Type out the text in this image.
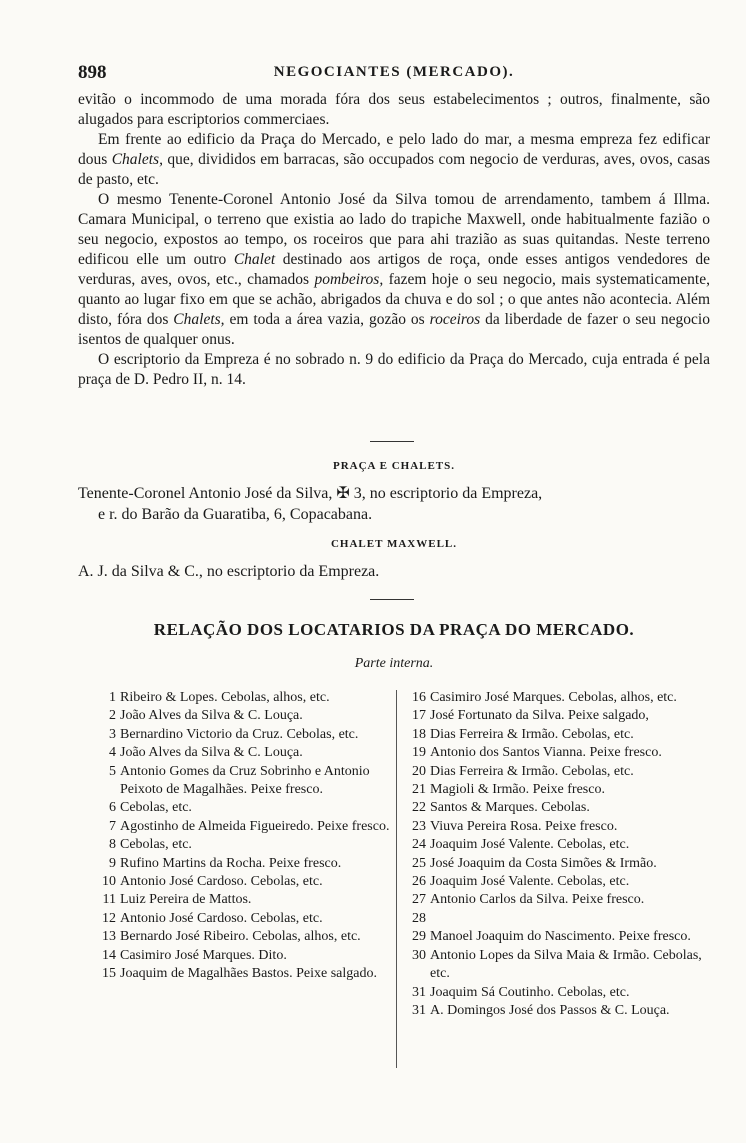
898	NEGOCIANTES (MERCADO).

evitão o incommodo de uma morada fóra dos seus estabelecimentos ; outros, finalmente, são alugados para escriptorios commerciaes.

Em frente ao edificio da Praça do Mercado, e pelo lado do mar, a mesma empreza fez edificar dous Chalets, que, divididos em barracas, são occupados com negocio de verduras, aves, ovos, casas de pasto, etc.

O mesmo Tenente-Coronel Antonio José da Silva tomou de arrendamento, tambem á Illma. Camara Municipal, o terreno que existia ao lado do trapiche Maxwell, onde habitualmente fazião o seu negocio, expostos ao tempo, os roceiros que para ahi trazião as suas quitandas. Neste terreno edificou elle um outro Chalet destinado aos artigos de roça, onde esses antigos vendedores de verduras, aves, ovos, etc., chamados pombeiros, fazem hoje o seu negocio, mais systematicamente, quanto ao lugar fixo em que se achão, abrigados da chuva e do sol ; o que antes não acontecia. Além disto, fóra dos Chalets, em toda a área vazia, gozão os roceiros da liberdade de fazer o seu negocio isentos de qualquer onus.

O escriptorio da Empreza é no sobrado n. 9 do edificio da Praça do Mercado, cuja entrada é pela praça de D. Pedro II, n. 14.

PRAÇA E CHALETS.
Tenente-Coronel Antonio José da Silva, ✠ 3, no escriptorio da Empreza,
e r. do Barão da Guaratiba, 6, Copacabana.
CHALET MAXWELL.
A. J. da Silva & C., no escriptorio da Empreza.
RELAÇÃO DOS LOCATARIOS DA PRAÇA DO MERCADO.
Parte interna.
1 Ribeiro & Lopes. Cebolas, alhos, etc.
2 João Alves da Silva & C. Louça.
3 Bernardino Victorio da Cruz. Cebolas, etc.
4 João Alves da Silva & C. Louça.
5 Antonio Gomes da Cruz Sobrinho e Antonio Peixoto de Magalhães. Peixe fresco.
6 Cebolas, etc.
7 Agostinho de Almeida Figueiredo. Peixe fresco.
8 Cebolas, etc.
9 Rufino Martins da Rocha. Peixe fresco.
10 Antonio José Cardoso. Cebolas, etc.
11 Luiz Pereira de Mattos.
12 Antonio José Cardoso. Cebolas, etc.
13 Bernardo José Ribeiro. Cebolas, alhos, etc.
14 Casimiro José Marques. Dito.
15 Joaquim de Magalhães Bastos. Peixe salgado.
16 Casimiro José Marques. Cebolas, alhos, etc.
17 José Fortunato da Silva. Peixe salgado,
18 Dias Ferreira & Irmão. Cebolas, etc.
19 Antonio dos Santos Vianna. Peixe fresco.
20 Dias Ferreira & Irmão. Cebolas, etc.
21 Magioli & Irmão. Peixe fresco.
22 Santos & Marques. Cebolas.
23 Viuva Pereira Rosa. Peixe fresco.
24 Joaquim José Valente. Cebolas, etc.
25 José Joaquim da Costa Simões & Irmão.
26 Joaquim José Valente. Cebolas, etc.
27 Antonio Carlos da Silva. Peixe fresco.
28
29 Manoel Joaquim do Nascimento. Peixe fresco.
30 Antonio Lopes da Silva Maia & Irmão. Cebolas, etc.
31 Joaquim Sá Coutinho. Cebolas, etc.
31 A. Domingos José dos Passos & C. Louça.
